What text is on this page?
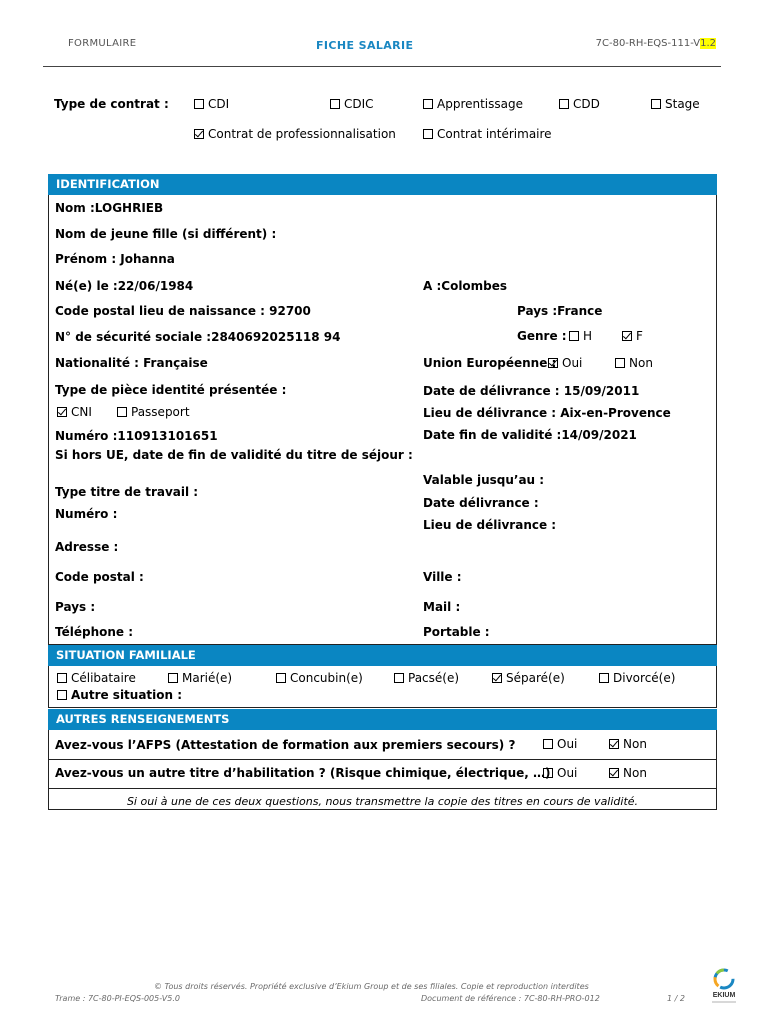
FORMULAIRE	FICHE SALARIE	7C-80-RH-EQS-111-V1.2
Type de contrat :	CDI	CDIC	Apprentissage	CDD	Stage
Contrat de professionnalisation	Contrat intérimaire
IDENTIFICATION
Nom :LOGHRIEB
Nom de jeune fille (si différent) :
Prénom : Johanna
Né(e) le :22/06/1984	A :Colombes
Code postal lieu de naissance : 92700	Pays :France
N° de sécurité sociale :2840692025118 94	Genre :	H	F
Nationalité : Française	Union Européenne : Oui	Non
Type de pièce identité présentée :	Date de délivrance : 15/09/2011
CNI	Passeport	Lieu de délivrance : Aix-en-Provence
Numéro :110913101651	Date fin de validité :14/09/2021
Si hors UE, date de fin de validité du titre de séjour :
Valable jusqu’au :
Type titre de travail :
Date délivrance :
Numéro :
Lieu de délivrance :
Adresse :
Code postal :	Ville :
Pays :	Mail :
Téléphone :	Portable :
SITUATION FAMILIALE
Célibataire	Marié(e)	Concubin(e)	Pacsé(e)	Séparé(e)	Divorcé(e)
Autre situation :
AUTRES RENSEIGNEMENTS
Avez-vous l’AFPS (Attestation de formation aux premiers secours) ?	Oui	Non
Avez-vous un autre titre d’habilitation ? (Risque chimique, électrique, …) Oui	Non
Si oui à une de ces deux questions, nous transmettre la copie des titres en cours de validité.
© Tous droits réservés. Propriété exclusive d’Ekium Group et de ses filiales. Copie et reproduction interdites
Trame : 7C-80-PI-EQS-005-V5.0	Document de référence : 7C-80-RH-PRO-012	1 / 2	EKIUM
